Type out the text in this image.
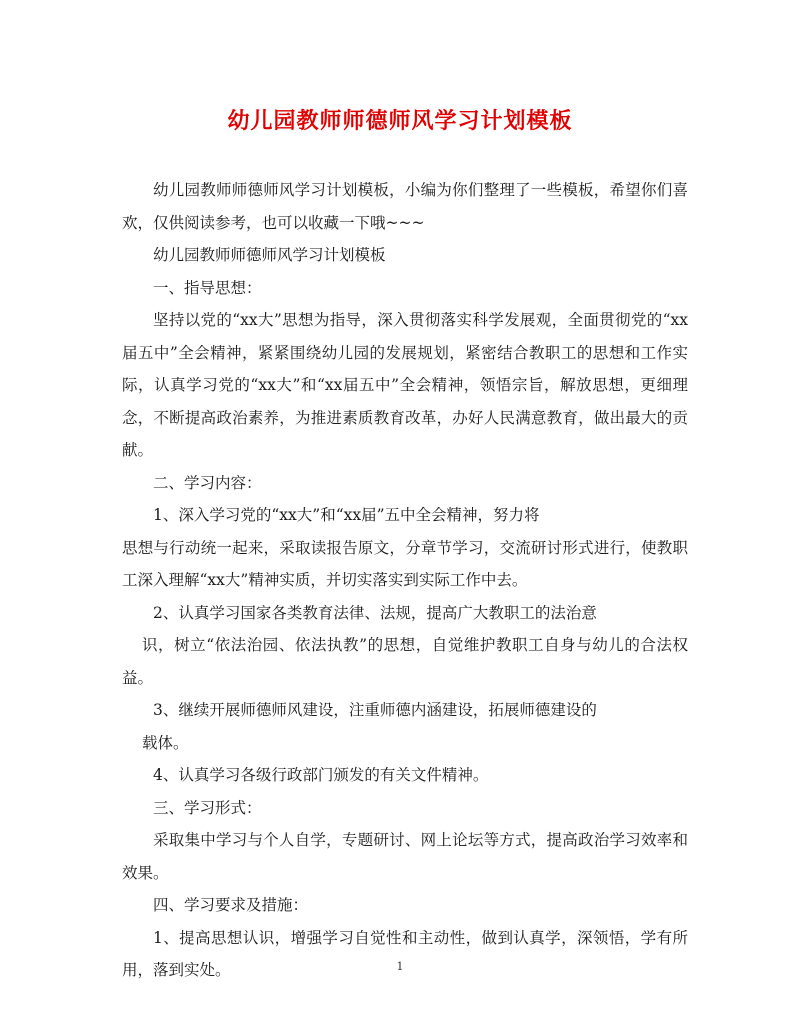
幼儿园教师师德师风学习计划模板

幼儿园教师师德师风学习计划模板，小编为你们整理了一些模板，希望你们喜欢，仅供阅读参考，也可以收藏一下哦~~~

幼儿园教师师德师风学习计划模板

一、指导思想：

坚持以党的“xx大”思想为指导，深入贯彻落实科学发展观，全面贯彻党的“xx届五中”全会精神，紧紧围绕幼儿园的发展规划，紧密结合教职工的思想和工作实际，认真学习党的“xx大”和“xx届五中”全会精神，领悟宗旨，解放思想，更细理念，不断提高政治素养，为推进素质教育改革，办好人民满意教育，做出最大的贡献。

二、学习内容：

1、深入学习党的“xx大”和“xx届”五中全会精神，努力将

思想与行动统一起来，采取读报告原文，分章节学习，交流研讨形式进行，使教职工深入理解“xx大”精神实质，并切实落实到实际工作中去。

2、认真学习国家各类教育法律、法规，提高广大教职工的法治意

识，树立“依法治园、依法执教”的思想，自觉维护教职工自身与幼儿的合法权益。

3、继续开展师德师风建设，注重师德内涵建设，拓展师德建设的

载体。

4、认真学习各级行政部门颁发的有关文件精神。

三、学习形式：

采取集中学习与个人自学，专题研讨、网上论坛等方式，提高政治学习效率和效果。

四、学习要求及措施：

1、提高思想认识，增强学习自觉性和主动性，做到认真学，深领悟，学有所用，落到实处。	1
